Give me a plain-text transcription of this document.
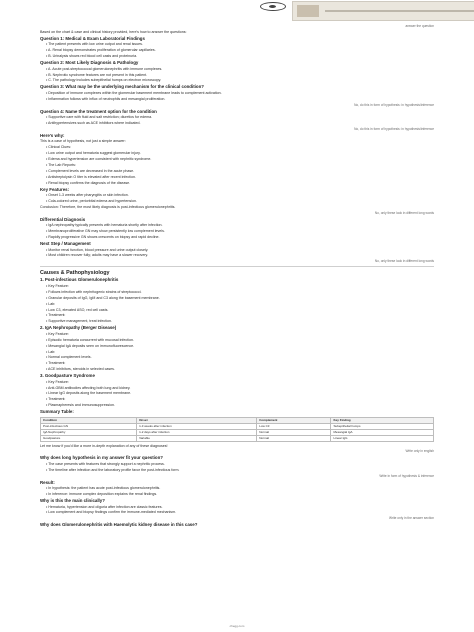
answer the question

Based on the chart & case and clinical history provided, here's how to answer the questions:

Question 1: Medical & Exam Laboratorial Findings

• The patient presents with low urine output and renal issues.

• A. Renal biopsy demonstrates proliferation of glomerular capillaries.

• B. Urinalysis shows red blood cell casts and proteinuria.

Question 2: Most Likely Diagnosis & Pathology

• A. Acute post-streptococcal glomerulonephritis with immune complexes.

• B. Nephrotic syndrome features are not present in this patient.

• C. The pathology includes subepithelial humps on electron microscopy.

Question 3: What may be the underlying mechanism for the clinical condition?

• Deposition of immune complexes within the glomerular basement membrane leads to complement activation.

• Inflammation follows with influx of neutrophils and mesangial proliferation.

No, do this in form of hypothesis: in hypothesis/inference

Question 4: Name the treatment option for the condition

• Supportive care with fluid and salt restriction; diuretics for edema.

• Antihypertensives such as ACE inhibitors where indicated.

No, do this in form of hypothesis: in hypothesis/inference

Here's why:

This is a case of hypothesis, not just a simple answer:

• Clinical Clues:

• Low urine output and hematuria suggest glomerular injury.

• Edema and hypertension are consistent with nephritic syndrome.

• The Lab Reports:

• Complement levels are decreased in the acute phase.

• Antistreptolysin O titer is elevated after recent infection.

• Renal biopsy confirms the diagnosis of the disease.

Key Features:

• Onset 1-3 weeks after pharyngitis or skin infection.

• Cola-colored urine, periorbital edema and hypertension.

Conclusion: Therefore, the most likely diagnosis is post-infectious glomerulonephritis.

No, only these look in different long words

Differential Diagnosis

• IgA nephropathy typically presents with hematuria shortly after infection.

• Membranoproliferative GN may show persistently low complement levels.

• Rapidly progressive GN shows crescents on biopsy and rapid decline.

Next Step / Management

• Monitor renal function, blood pressure and urine output closely.

• Most children recover fully; adults may have a slower recovery.

No, only these look in different long words

Causes & Pathophysiology

1. Post-infectious Glomerulonephritis

• Key Feature:

• Follows infection with nephritogenic strains of streptococci.

• Granular deposits of IgG, IgM and C3 along the basement membrane.

• Lab:

• Low C3, elevated ASO, red cell casts.

• Treatment:

• Supportive management, treat infection.

2. IgA Nephropathy (Berger Disease)

• Key Feature:

• Episodic hematuria concurrent with mucosal infection.

• Mesangial IgA deposits seen on immunofluorescence.

• Lab:

• Normal complement levels.

• Treatment:

• ACE inhibitors, steroids in selected cases.

3. Goodpasture Syndrome

• Key Feature:

• Anti-GBM antibodies affecting both lung and kidney.

• Linear IgG deposits along the basement membrane.

• Treatment:

• Plasmapheresis and immunosuppression.

Summary Table:

Condition	Onset	Complement	Key Finding
Post-infectious GN	1-3 weeks after infection	Low C3	Subepithelial humps
IgA Nephropathy	1-2 days after infection	Normal	Mesangial IgA
Goodpasture	Variable	Normal	Linear IgG

Let me know if you'd like a more in-depth explanation of any of these diagnoses!

Write only in english

Why does long hypothesis in my answer fit your question?

• The case presents with features that strongly support a nephritic process.

• The timeline after infection and the laboratory profile favor the post-infectious form.

Write in form of hypothesis & inference

Result:

• In hypothesis: the patient has acute post-infectious glomerulonephritis.

• In inference: immune complex deposition explains the renal findings.

Why is this the main clinically?

• Hematuria, hypertension and oliguria after infection are classic features.

• Low complement and biopsy findings confirm the immune-mediated mechanism.

Write only in the answer section

Why does Glomerulonephritis with Haemolytic kidney disease in this case?

chegg.com
